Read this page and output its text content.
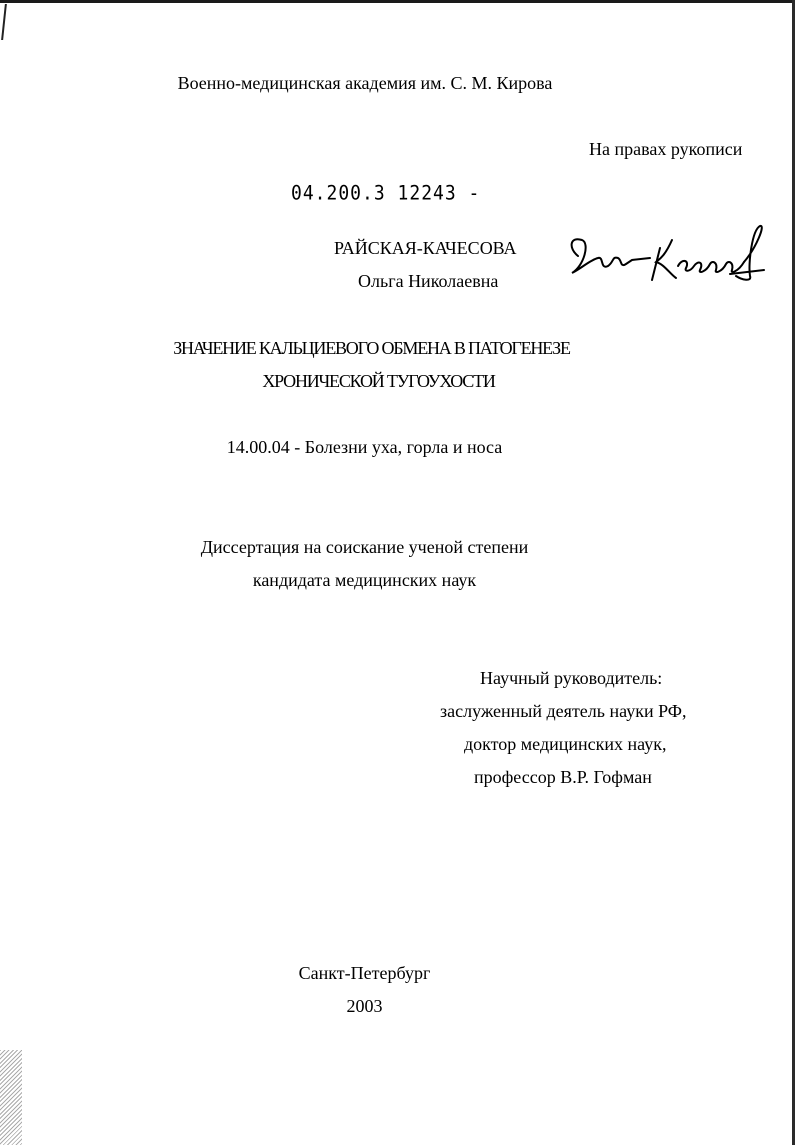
Военно-медицинская академия им. С. М. Кирова
На правах рукописи
04.200.3 12243 -
РАЙСКАЯ-КАЧЕСОВА
Ольга Николаевна
ЗНАЧЕНИЕ КАЛЬЦИЕВОГО ОБМЕНА В ПАТОГЕНЕЗЕ
ХРОНИЧЕСКОЙ ТУГОУХОСТИ
14.00.04 - Болезни уха, горла и носа
Диссертация на соискание ученой степени
кандидата медицинских наук
Научный руководитель:
заслуженный деятель науки РФ,
доктор медицинских наук,
профессор В.Р. Гофман
Санкт-Петербург
2003
